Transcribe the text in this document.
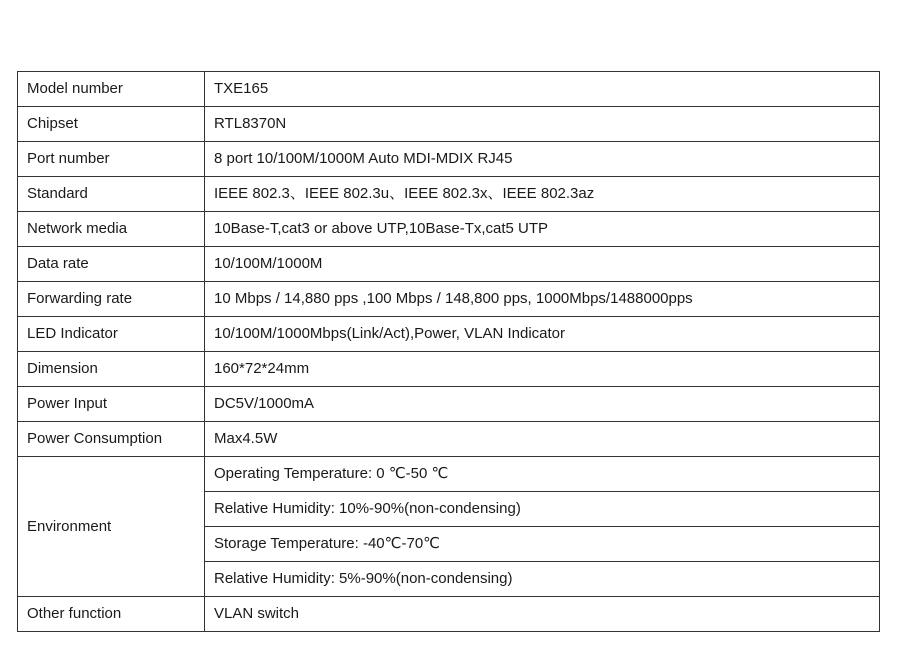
Model number	TXE165
Chipset	RTL8370N
Port number	8 port 10/100M/1000M Auto MDI-MDIX RJ45
Standard	IEEE 802.3、IEEE 802.3u、IEEE 802.3x、IEEE 802.3az
Network media	10Base-T,cat3 or above UTP,10Base-Tx,cat5 UTP
Data rate	10/100M/1000M
Forwarding rate	10 Mbps / 14,880 pps ,100 Mbps / 148,800 pps, 1000Mbps/1488000pps
LED Indicator	10/100M/1000Mbps(Link/Act),Power, VLAN Indicator
Dimension	160*72*24mm
Power Input	DC5V/1000mA
Power Consumption	Max4.5W
Environment	Operating Temperature: 0 ℃-50 ℃
	Relative Humidity: 10%-90%(non-condensing)
	Storage Temperature: -40℃-70℃
	Relative Humidity: 5%-90%(non-condensing)
Other function	VLAN switch
